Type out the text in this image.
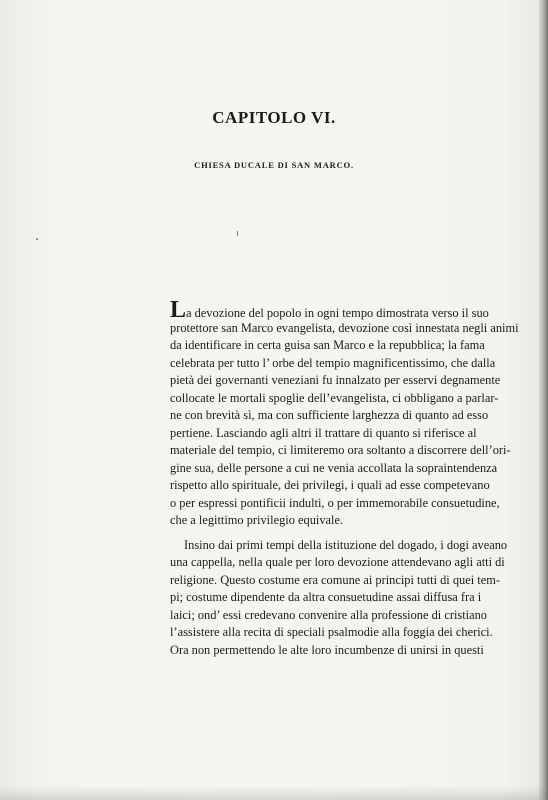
CAPITOLO VI.
CHIESA DUCALE DI SAN MARCO.
La devozione del popolo in ogni tempo dimostrata verso il suo
protettore san Marco evangelista, devozione così innestata negli animi
da identificare in certa guisa san Marco e la repubblica; la fama
celebrata per tutto l’ orbe del tempio magnificentissimo, che dalla
pietà dei governanti veneziani fu innalzato per esservi degnamente
collocate le mortali spoglie dell’evangelista, ci obbligano a parlar-
ne con brevità sì, ma con sufficiente larghezza di quanto ad esso
pertiene. Lasciando agli altri il trattare di quanto si riferisce al
materiale del tempio, ci limiteremo ora soltanto a discorrere dell’ori-
gine sua, delle persone a cui ne venia accollata la sopraintendenza
rispetto allo spirituale, dei privilegi, i quali ad esse competevano
o per espressi pontificii indulti, o per immemorabile consuetudine,
che a legittimo privilegio equivale.
Insino dai primi tempi della istituzione del dogado, i dogi aveano
una cappella, nella quale per loro devozione attendevano agli atti di
religione. Questo costume era comune ai principi tutti di quei tem-
pi; costume dipendente da altra consuetudine assai diffusa fra i
laici; ond’ essi credevano convenire alla professione di cristiano
l’assistere alla recita di speciali psalmodie alla foggia dei cherici.
Ora non permettendo le alte loro incumbenze di unirsi in questi
